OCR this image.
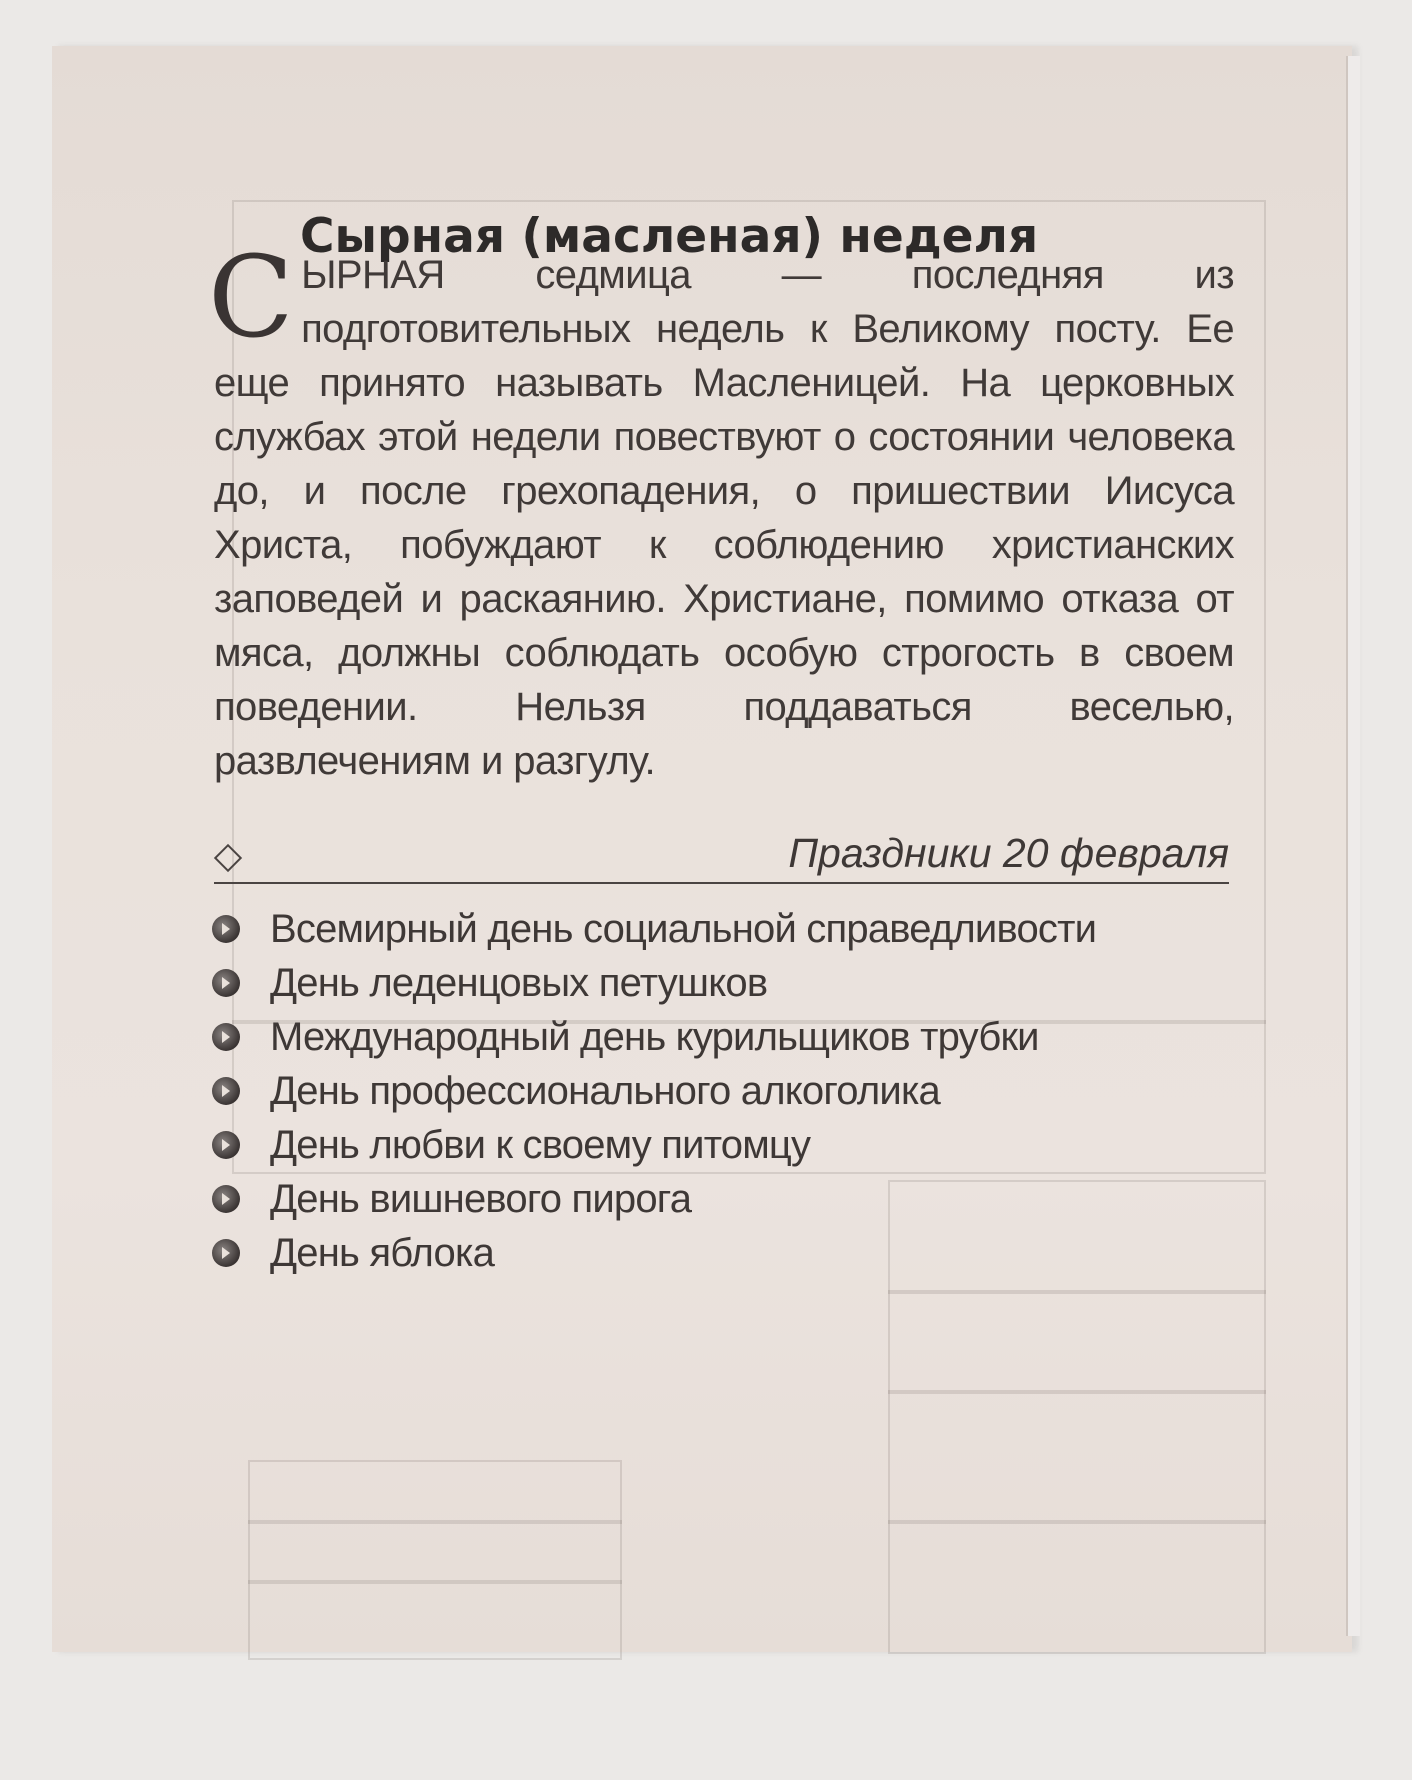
Сырная (масленая) неделя
СЫРНАЯ седмица — последняя из подготовительных недель к Великому посту. Ее еще принято называть Масленицей. На церковных службах этой недели повествуют о состоянии человека до, и после грехопадения, о пришествии Иисуса Христа, побуждают к соблюдению христианских заповедей и раскаянию. Христиане, помимо отказа от мяса, должны соблюдать особую строгость в своем поведении. Нельзя поддаваться веселью, развлечениям и разгулу.
Праздники 20 февраля
Всемирный день социальной справедливости
День леденцовых петушков
Международный день курильщиков трубки
День профессионального алкоголика
День любви к своему питомцу
День вишневого пирога
День яблока
